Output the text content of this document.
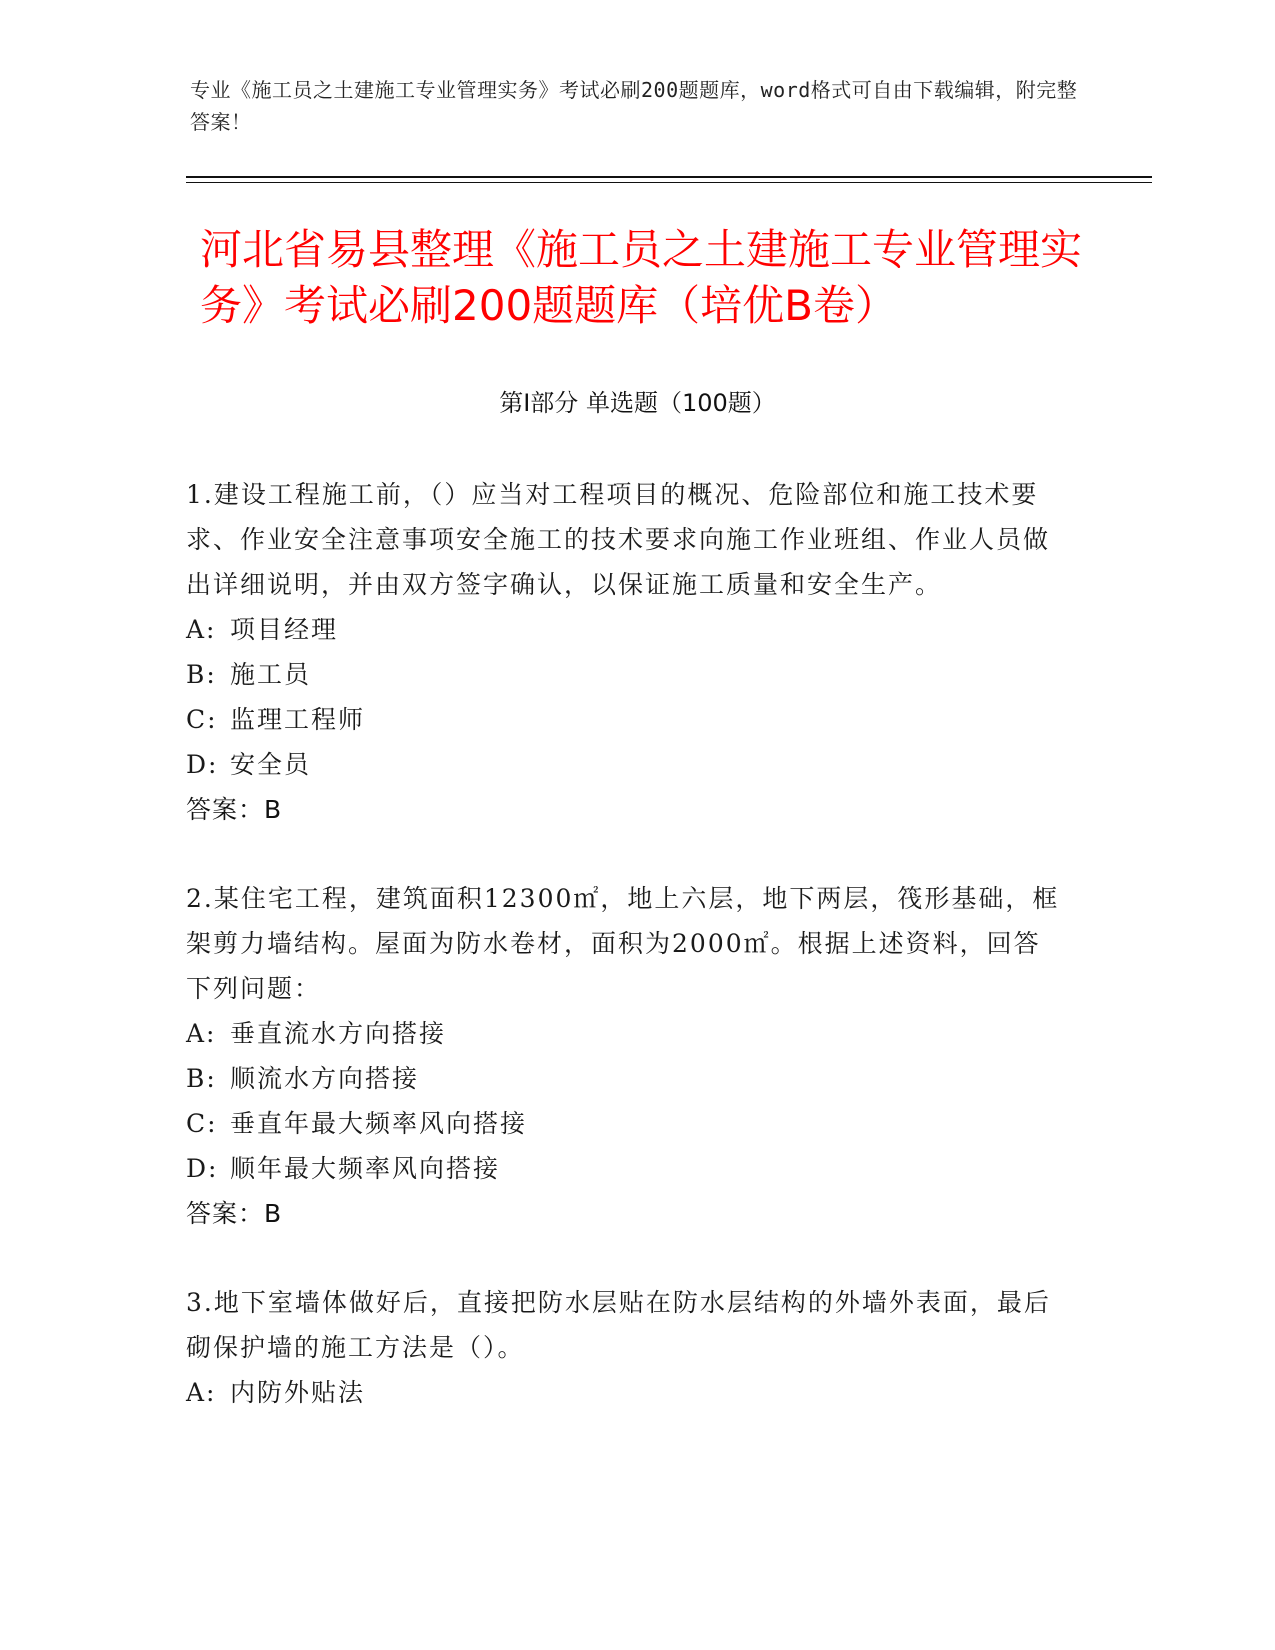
专业《施工员之土建施工专业管理实务》考试必刷200题题库，word格式可自由下载编辑，附完整答案！
河北省易县整理《施工员之土建施工专业管理实务》考试必刷200题题库（培优B卷）
第Ⅰ部分 单选题（100题）

1.建设工程施工前，（）应当对工程项目的概况、危险部位和施工技术要求、作业安全注意事项安全施工的技术要求向施工作业班组、作业人员做出详细说明，并由双方签字确认，以保证施工质量和安全生产。

A: 项目经理

B: 施工员

C: 监理工程师

D: 安全员

答案：B

2.某住宅工程，建筑面积12300㎡，地上六层，地下两层，筏形基础，框架剪力墙结构。屋面为防水卷材，面积为2000㎡。根据上述资料，回答下列问题：

A: 垂直流水方向搭接

B: 顺流水方向搭接

C: 垂直年最大频率风向搭接

D: 顺年最大频率风向搭接

答案：B

3.地下室墙体做好后，直接把防水层贴在防水层结构的外墙外表面，最后砌保护墙的施工方法是（）。

A: 内防外贴法
